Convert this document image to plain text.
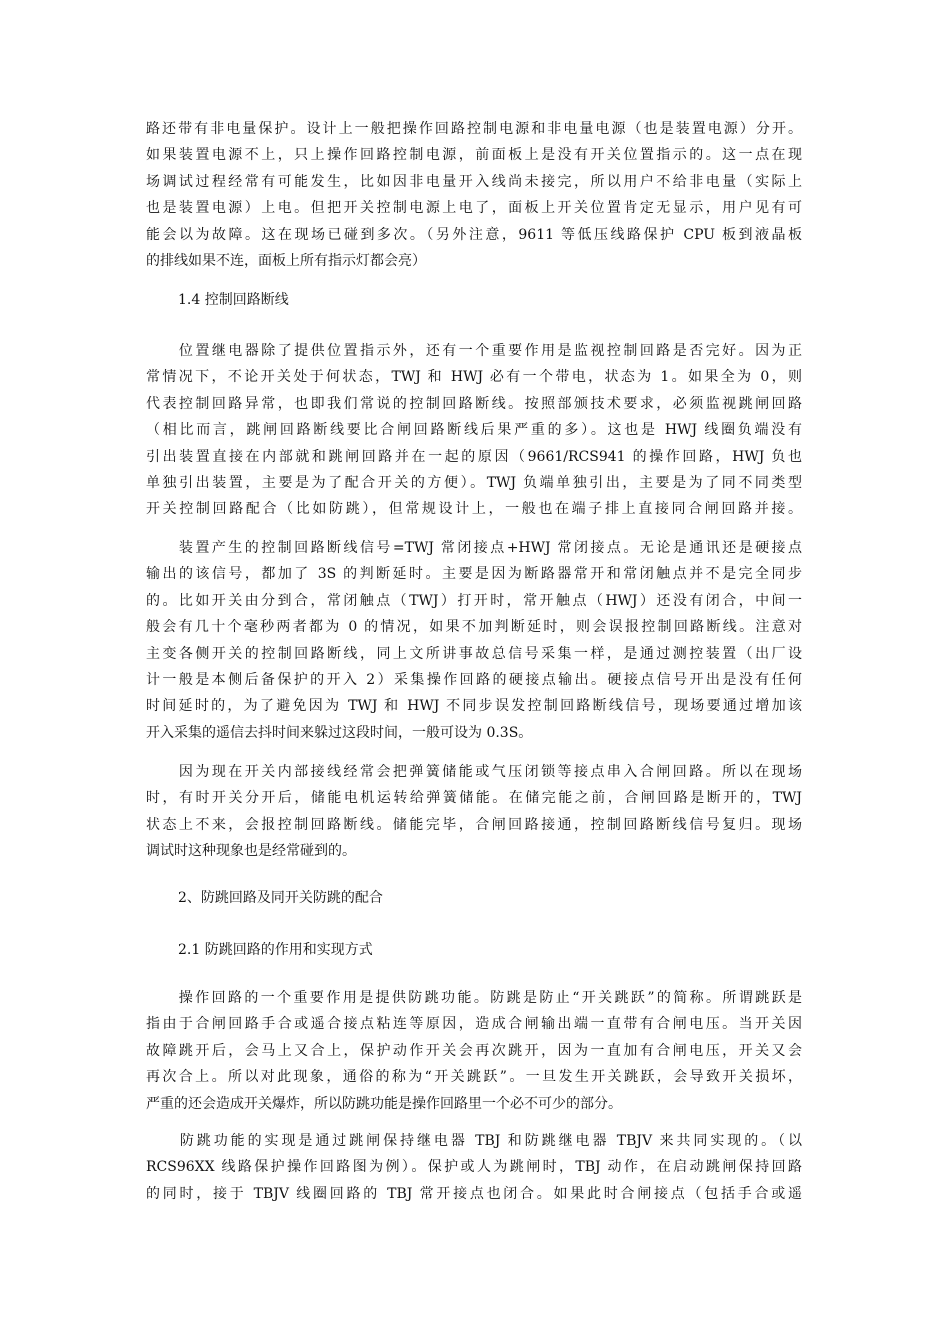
路还带有非电量保护。设计上一般把操作回路控制电源和非电量电源（也是装置电源）分开。
如果装置电源不上，只上操作回路控制电源，前面板上是没有开关位置指示的。这一点在现
场调试过程经常有可能发生，比如因非电量开入线尚未接完，所以用户不给非电量（实际上
也是装置电源）上电。但把开关控制电源上电了，面板上开关位置肯定无显示，用户见有可
能会以为故障。这在现场已碰到多次。（另外注意，9611 等低压线路保护 CPU 板到液晶板
的排线如果不连，面板上所有指示灯都会亮）
1.4 控制回路断线
　　位置继电器除了提供位置指示外，还有一个重要作用是监视控制回路是否完好。因为正
常情况下，不论开关处于何状态，TWJ 和 HWJ 必有一个带电，状态为 1。如果全为 0，则
代表控制回路异常，也即我们常说的控制回路断线。按照部颁技术要求，必须监视跳闸回路
（相比而言，跳闸回路断线要比合闸回路断线后果严重的多）。这也是 HWJ 线圈负端没有
引出装置直接在内部就和跳闸回路并在一起的原因（9661/RCS941 的操作回路，HWJ 负也
单独引出装置，主要是为了配合开关的方便）。TWJ 负端单独引出，主要是为了同不同类型
开关控制回路配合（比如防跳），但常规设计上，一般也在端子排上直接同合闸回路并接。
　　装置产生的控制回路断线信号=TWJ 常闭接点+HWJ 常闭接点。无论是通讯还是硬接点
输出的该信号，都加了 3S 的判断延时。主要是因为断路器常开和常闭触点并不是完全同步
的。比如开关由分到合，常闭触点（TWJ）打开时，常开触点（HWJ）还没有闭合，中间一
般会有几十个毫秒两者都为 0 的情况，如果不加判断延时，则会误报控制回路断线。注意对
主变各侧开关的控制回路断线，同上文所讲事故总信号采集一样，是通过测控装置（出厂设
计一般是本侧后备保护的开入 2）采集操作回路的硬接点输出。硬接点信号开出是没有任何
时间延时的，为了避免因为 TWJ 和 HWJ 不同步误发控制回路断线信号，现场要通过增加该
开入采集的遥信去抖时间来躲过这段时间，一般可设为 0.3S。
　　因为现在开关内部接线经常会把弹簧储能或气压闭锁等接点串入合闸回路。所以在现场
时，有时开关分开后，储能电机运转给弹簧储能。在储完能之前，合闸回路是断开的，TWJ
状态上不来，会报控制回路断线。储能完毕，合闸回路接通，控制回路断线信号复归。现场
调试时这种现象也是经常碰到的。
2、防跳回路及同开关防跳的配合
2.1 防跳回路的作用和实现方式
　　操作回路的一个重要作用是提供防跳功能。防跳是防止“开关跳跃”的简称。所谓跳跃是
指由于合闸回路手合或遥合接点粘连等原因，造成合闸输出端一直带有合闸电压。当开关因
故障跳开后，会马上又合上，保护动作开关会再次跳开，因为一直加有合闸电压，开关又会
再次合上。所以对此现象，通俗的称为“开关跳跃”。一旦发生开关跳跃，会导致开关损坏，
严重的还会造成开关爆炸，所以防跳功能是操作回路里一个必不可少的部分。
　　防跳功能的实现是通过跳闸保持继电器 TBJ 和防跳继电器 TBJV 来共同实现的。（以
RCS96XX 线路保护操作回路图为例）。保护或人为跳闸时，TBJ 动作，在启动跳闸保持回路
的同时，接于 TBJV 线圈回路的 TBJ 常开接点也闭合。如果此时合闸接点（包括手合或遥
